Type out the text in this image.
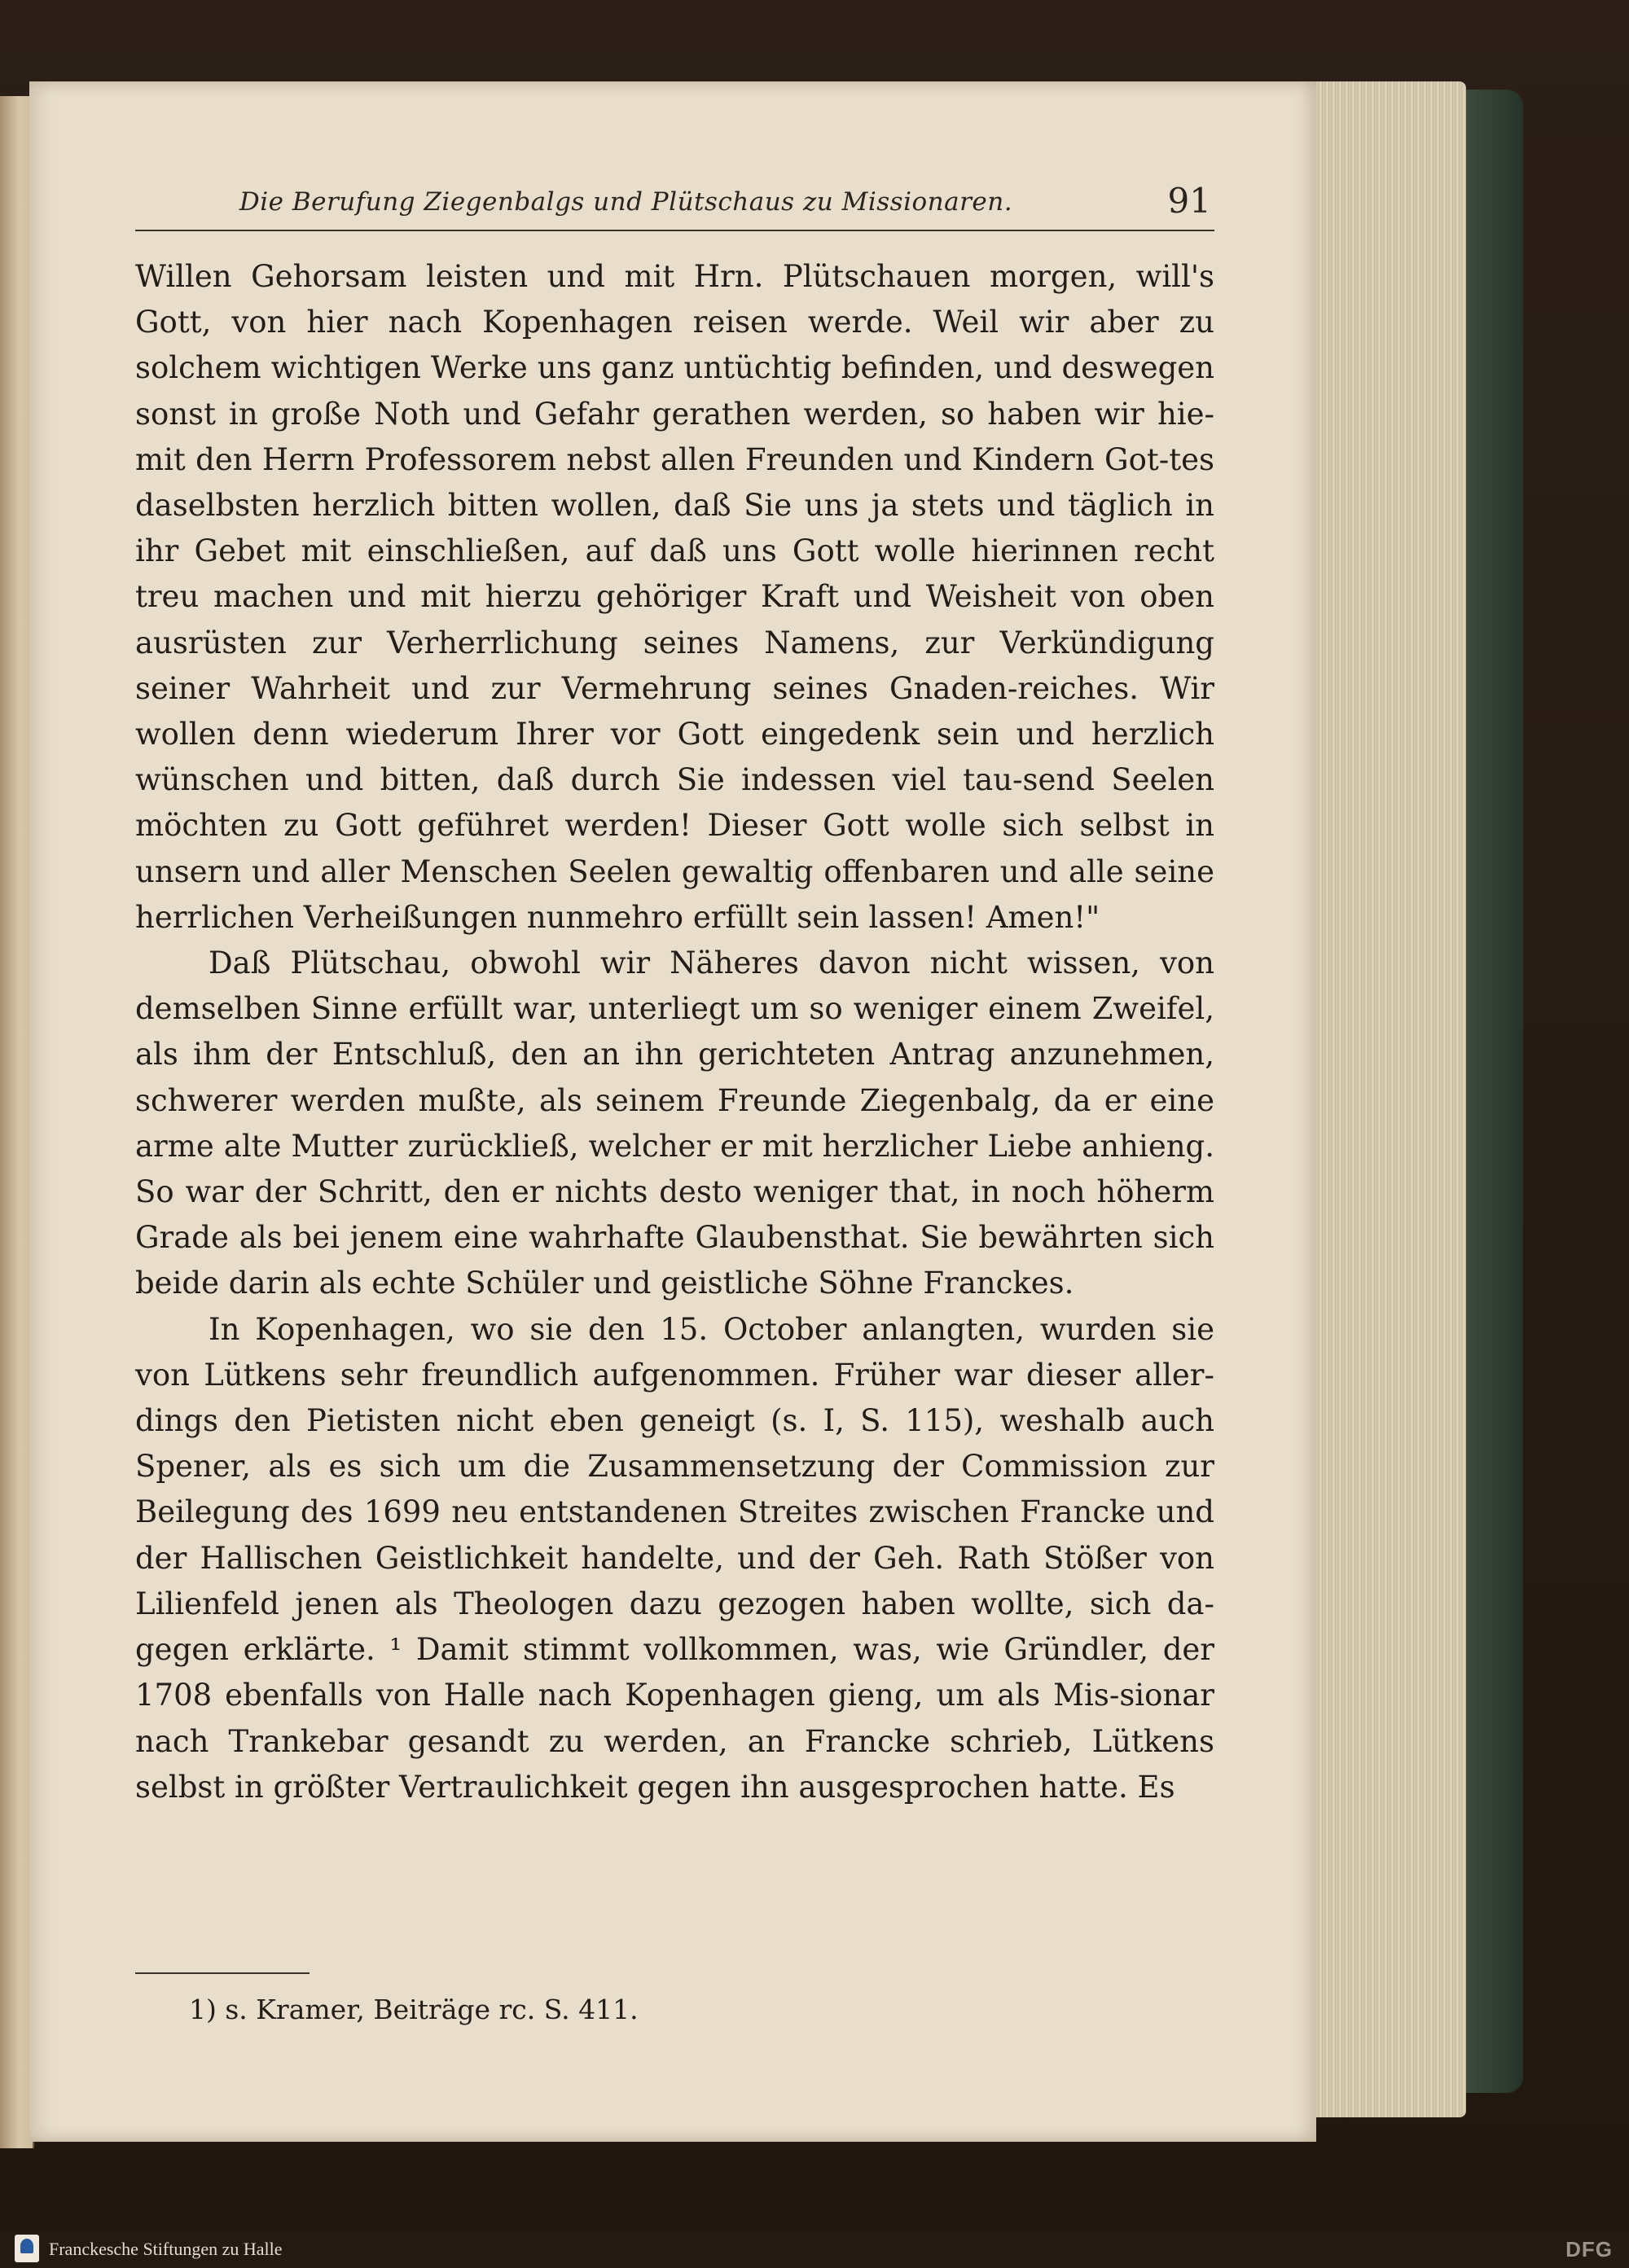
Die Berufung Ziegenbalgs und Plütschaus zu Missionaren.	91

Willen Gehorsam leisten und mit Hrn. Plütschauen morgen, will's Gott, von hier nach Kopenhagen reisen werde. Weil wir aber zu solchem wichtigen Werke uns ganz untüchtig befinden, und deswegen sonst in große Noth und Gefahr gerathen werden, so haben wir hie-mit den Herrn Professorem nebst allen Freunden und Kindern Got-tes daselbsten herzlich bitten wollen, daß Sie uns ja stets und täglich in ihr Gebet mit einschließen, auf daß uns Gott wolle hierinnen recht treu machen und mit hierzu gehöriger Kraft und Weisheit von oben ausrüsten zur Verherrlichung seines Namens, zur Verkündigung seiner Wahrheit und zur Vermehrung seines Gnaden-reiches. Wir wollen denn wiederum Ihrer vor Gott eingedenk sein und herzlich wünschen und bitten, daß durch Sie indessen viel tau-send Seelen möchten zu Gott geführet werden! Dieser Gott wolle sich selbst in unsern und aller Menschen Seelen gewaltig offenbaren und alle seine herrlichen Verheißungen nunmehro erfüllt sein lassen! Amen!"

Daß Plütschau, obwohl wir Näheres davon nicht wissen, von demselben Sinne erfüllt war, unterliegt um so weniger einem Zweifel, als ihm der Entschluß, den an ihn gerichteten Antrag anzunehmen, schwerer werden mußte, als seinem Freunde Ziegenbalg, da er eine arme alte Mutter zurückließ, welcher er mit herzlicher Liebe anhieng. So war der Schritt, den er nichts desto weniger that, in noch höherm Grade als bei jenem eine wahrhafte Glaubensthat. Sie bewährten sich beide darin als echte Schüler und geistliche Söhne Franckes.

In Kopenhagen, wo sie den 15. October anlangten, wurden sie von Lütkens sehr freundlich aufgenommen. Früher war dieser aller-dings den Pietisten nicht eben geneigt (s. I, S. 115), weshalb auch Spener, als es sich um die Zusammensetzung der Commission zur Beilegung des 1699 neu entstandenen Streites zwischen Francke und der Hallischen Geistlichkeit handelte, und der Geh. Rath Stößer von Lilienfeld jenen als Theologen dazu gezogen haben wollte, sich da-gegen erklärte. ¹ Damit stimmt vollkommen, was, wie Gründler, der 1708 ebenfalls von Halle nach Kopenhagen gieng, um als Mis-sionar nach Trankebar gesandt zu werden, an Francke schrieb, Lütkens selbst in größter Vertraulichkeit gegen ihn ausgesprochen hatte. Es

1) s. Kramer, Beiträge rc. S. 411.
Franckesche Stiftungen zu Halle	DFG
